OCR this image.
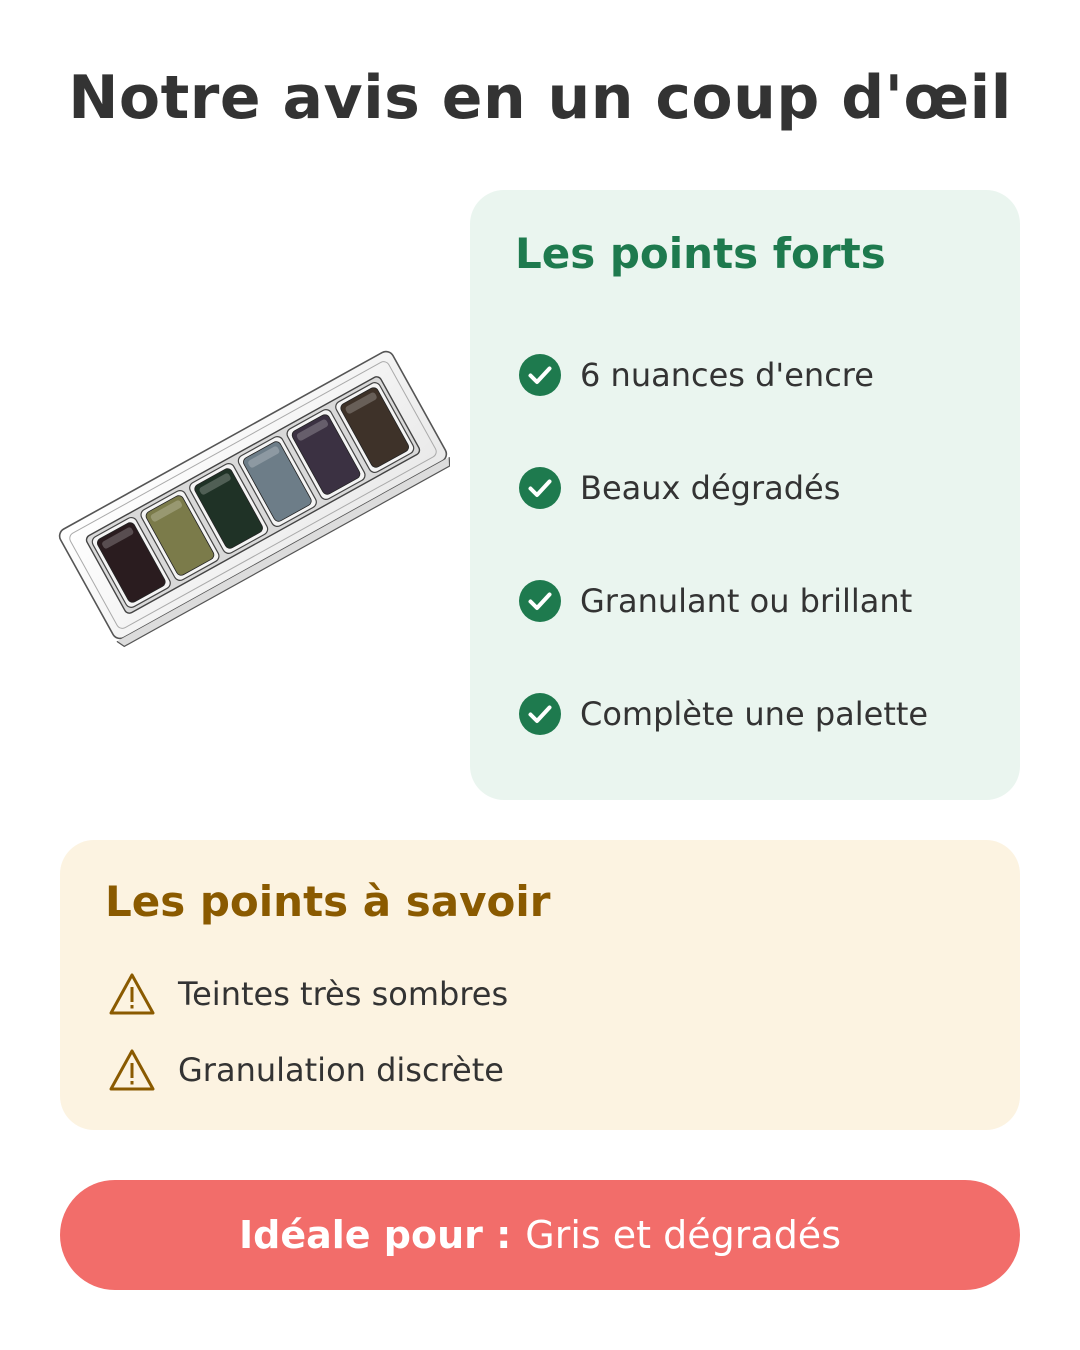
Notre avis en un coup d'œil
Les points forts
6 nuances d'encre
Beaux dégradés
Granulant ou brillant
Complète une palette
Les points à savoir
Teintes très sombres
Granulation discrète
Idéale pour : Gris et dégradés
